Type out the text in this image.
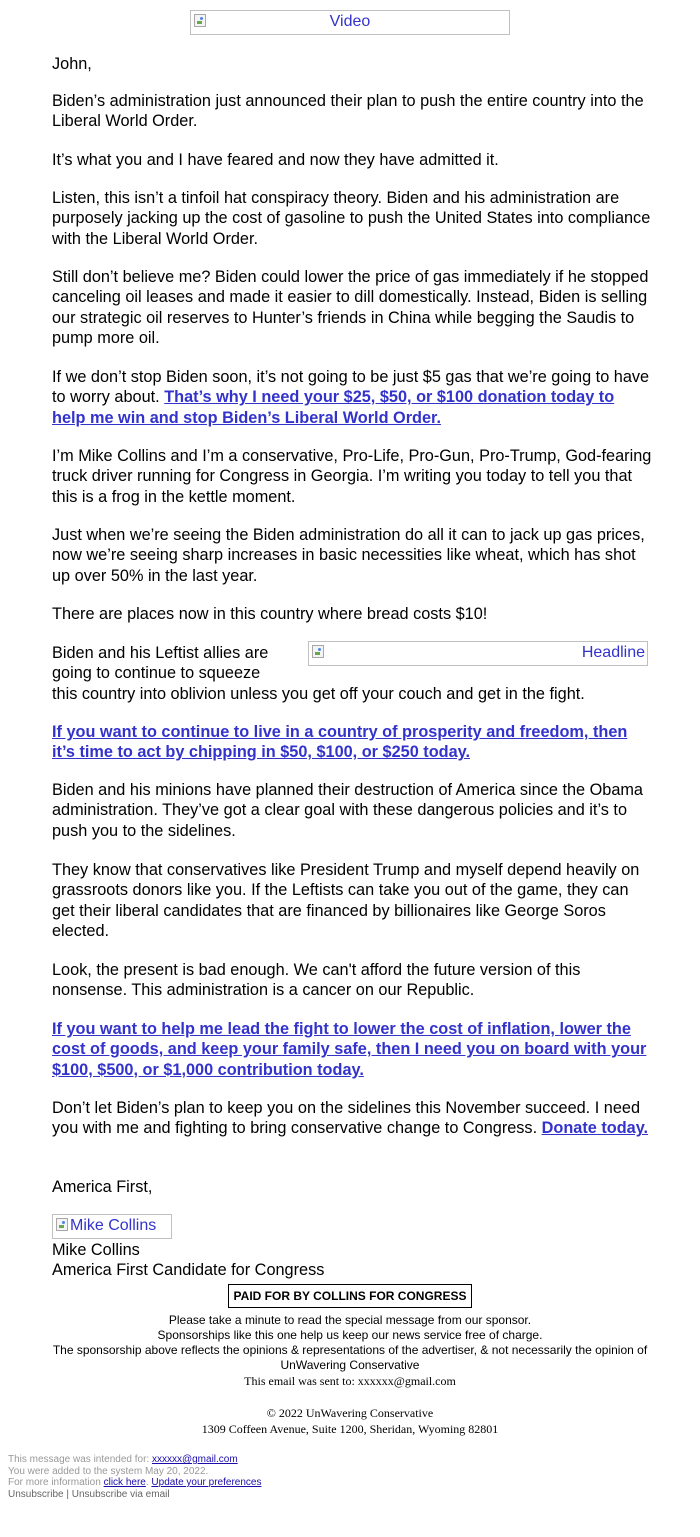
Video

John,

Biden’s administration just announced their plan to push the entire country into the Liberal World Order.

It’s what you and I have feared and now they have admitted it.

Listen, this isn’t a tinfoil hat conspiracy theory. Biden and his administration are purposely jacking up the cost of gasoline to push the United States into compliance with the Liberal World Order.

Still don’t believe me? Biden could lower the price of gas immediately if he stopped canceling oil leases and made it easier to dill domestically. Instead, Biden is selling our strategic oil reserves to Hunter’s friends in China while begging the Saudis to pump more oil.

If we don’t stop Biden soon, it’s not going to be just $5 gas that we’re going to have to worry about. That’s why I need your $25, $50, or $100 donation today to help me win and stop Biden’s Liberal World Order.

I’m Mike Collins and I’m a conservative, Pro-Life, Pro-Gun, Pro-Trump, God-fearing truck driver running for Congress in Georgia. I’m writing you today to tell you that this is a frog in the kettle moment.

Just when we’re seeing the Biden administration do all it can to jack up gas prices, now we’re seeing sharp increases in basic necessities like wheat, which has shot up over 50% in the last year.

There are places now in this country where bread costs $10!

Biden and his Leftist allies are

going to continue to squeeze

this country into oblivion unless you get off your couch and get in the fight.

Headline

If you want to continue to live in a country of prosperity and freedom, then it’s time to act by chipping in $50, $100, or $250 today.

Biden and his minions have planned their destruction of America since the Obama administration. They’ve got a clear goal with these dangerous policies and it’s to push you to the sidelines.

They know that conservatives like President Trump and myself depend heavily on grassroots donors like you. If the Leftists can take you out of the game, they can get their liberal candidates that are financed by billionaires like George Soros elected.

Look, the present is bad enough. We can't afford the future version of this nonsense. This administration is a cancer on our Republic.

If you want to help me lead the fight to lower the cost of inflation, lower the cost of goods, and keep your family safe, then I need you on board with your $100, $500, or $1,000 contribution today.

Don’t let Biden’s plan to keep you on the sidelines this November succeed. I need you with me and fighting to bring conservative change to Congress. Donate today.

America First,

Mike Collins

Mike Collins

America First Candidate for Congress

PAID FOR BY COLLINS FOR CONGRESS
Please take a minute to read the special message from our sponsor.
Sponsorships like this one help us keep our news service free of charge.
The sponsorship above reflects the opinions & representations of the advertiser, & not necessarily the opinion of UnWavering Conservative
This email was sent to: xxxxxx@gmail.com
© 2022 UnWavering Conservative
1309 Coffeen Avenue, Suite 1200, Sheridan, Wyoming 82801
This message was intended for: xxxxxx@gmail.com
You were added to the system May 20, 2022.
For more information click here. Update your preferences
Unsubscribe | Unsubscribe via email
